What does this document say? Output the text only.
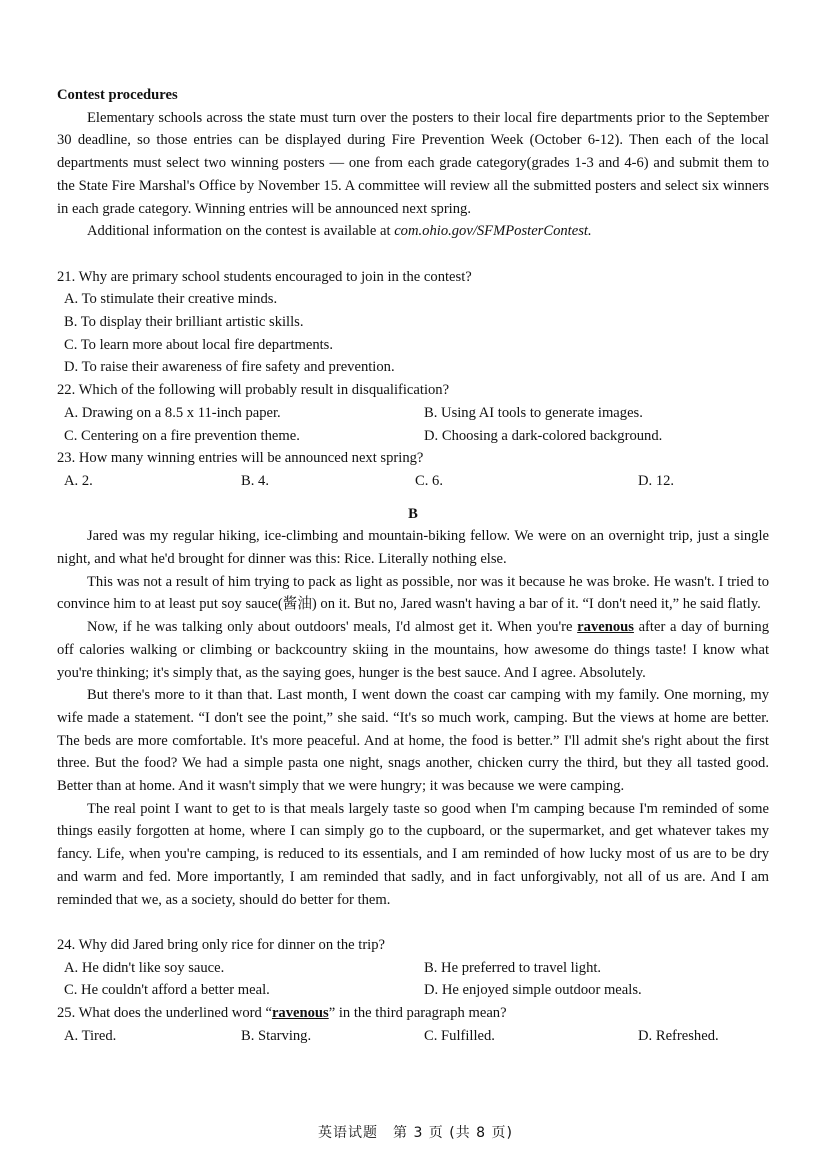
Contest procedures

Elementary schools across the state must turn over the posters to their local fire departments prior to the September 30 deadline, so those entries can be displayed during Fire Prevention Week (October 6-12). Then each of the local departments must select two winning posters — one from each grade category(grades 1-3 and 4-6) and submit them to the State Fire Marshal's Office by November 15. A committee will review all the submitted posters and select six winners in each grade category. Winning entries will be announced next spring.

Additional information on the contest is available at com.ohio.gov/SFMPosterContest.

21. Why are primary school students encouraged to join in the contest?
A. To stimulate their creative minds.
B. To display their brilliant artistic skills.
C. To learn more about local fire departments.
D. To raise their awareness of fire safety and prevention.
22. Which of the following will probably result in disqualification?
A. Drawing on a 8.5 x 11-inch paper.	B. Using AI tools to generate images.
C. Centering on a fire prevention theme.	D. Choosing a dark-colored background.
23. How many winning entries will be announced next spring?
A. 2.	B. 4.	C. 6.	D. 12.
B

Jared was my regular hiking, ice-climbing and mountain-biking fellow. We were on an overnight trip, just a single night, and what he'd brought for dinner was this: Rice. Literally nothing else.

This was not a result of him trying to pack as light as possible, nor was it because he was broke. He wasn't. I tried to convince him to at least put soy sauce(酱油) on it. But no, Jared wasn't having a bar of it. “I don't need it,” he said flatly.

Now, if he was talking only about outdoors' meals, I'd almost get it. When you're ravenous after a day of burning off calories walking or climbing or backcountry skiing in the mountains, how awesome do things taste! I know what you're thinking; it's simply that, as the saying goes, hunger is the best sauce. And I agree. Absolutely.

But there's more to it than that. Last month, I went down the coast car camping with my family. One morning, my wife made a statement. “I don't see the point,” she said. “It's so much work, camping. But the views at home are better. The beds are more comfortable. It's more peaceful. And at home, the food is better.” I'll admit she's right about the first three. But the food? We had a simple pasta one night, snags another, chicken curry the third, but they all tasted good. Better than at home. And it wasn't simply that we were hungry; it was because we were camping.

The real point I want to get to is that meals largely taste so good when I'm camping because I'm reminded of some things easily forgotten at home, where I can simply go to the cupboard, or the supermarket, and get whatever takes my fancy. Life, when you're camping, is reduced to its essentials, and I am reminded of how lucky most of us are to be dry and warm and fed. More importantly, I am reminded that sadly, and in fact unforgivably, not all of us are. And I am reminded that we, as a society, should do better for them.

24. Why did Jared bring only rice for dinner on the trip?
A. He didn't like soy sauce.	B. He preferred to travel light.
C. He couldn't afford a better meal.	D. He enjoyed simple outdoor meals.
25. What does the underlined word “ravenous” in the third paragraph mean?
A. Tired.	B. Starving.	C. Fulfilled.	D. Refreshed.
英语试题　第 3 页 (共 8 页)
